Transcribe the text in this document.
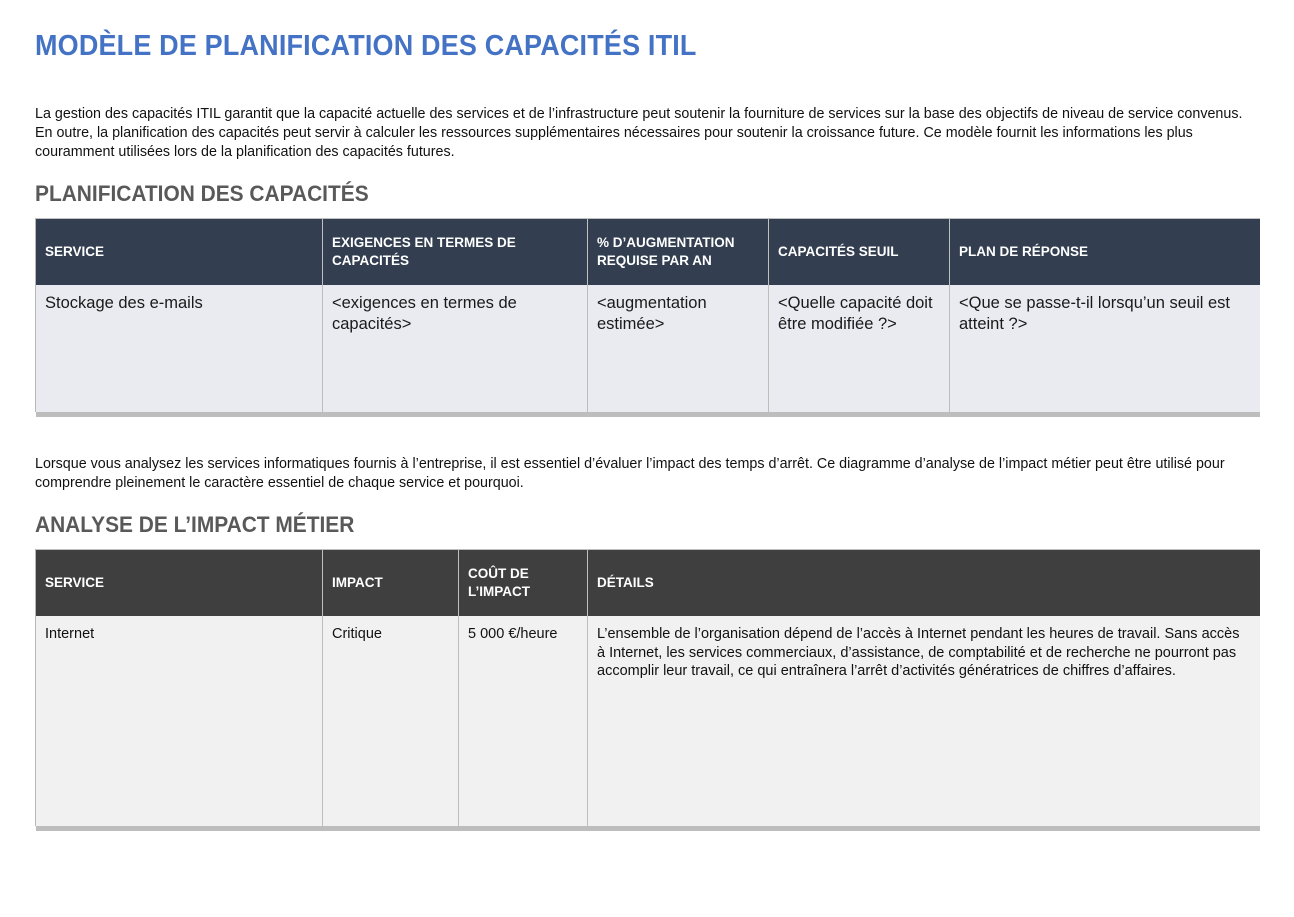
MODÈLE DE PLANIFICATION DES CAPACITÉS ITIL

La gestion des capacités ITIL garantit que la capacité actuelle des services et de l’infrastructure peut soutenir la fourniture de services sur la base des objectifs de niveau de service convenus. En outre, la planification des capacités peut servir à calculer les ressources supplémentaires nécessaires pour soutenir la croissance future. Ce modèle fournit les informations les plus couramment utilisées lors de la planification des capacités futures.

PLANIFICATION DES CAPACITÉS
SERVICE	EXIGENCES EN TERMES DE CAPACITÉS	% D’AUGMENTATION REQUISE PAR AN	CAPACITÉS SEUIL	PLAN DE RÉPONSE
Stockage des e-mails	<exigences en termes de capacités>	<augmentation estimée>	<Quelle capacité doit être modifiée ?>	<Que se passe-t-il lorsqu’un seuil est atteint ?>

Lorsque vous analysez les services informatiques fournis à l’entreprise, il est essentiel d’évaluer l’impact des temps d’arrêt. Ce diagramme d’analyse de l’impact métier peut être utilisé pour comprendre pleinement le caractère essentiel de chaque service et pourquoi.

ANALYSE DE L’IMPACT MÉTIER
SERVICE	IMPACT	COÛT DE L’IMPACT	DÉTAILS
Internet	Critique	5 000 €/heure	L’ensemble de l’organisation dépend de l’accès à Internet pendant les heures de travail. Sans accès à Internet, les services commerciaux, d’assistance, de comptabilité et de recherche ne pourront pas accomplir leur travail, ce qui entraînera l’arrêt d’activités génératrices de chiffres d’affaires.
